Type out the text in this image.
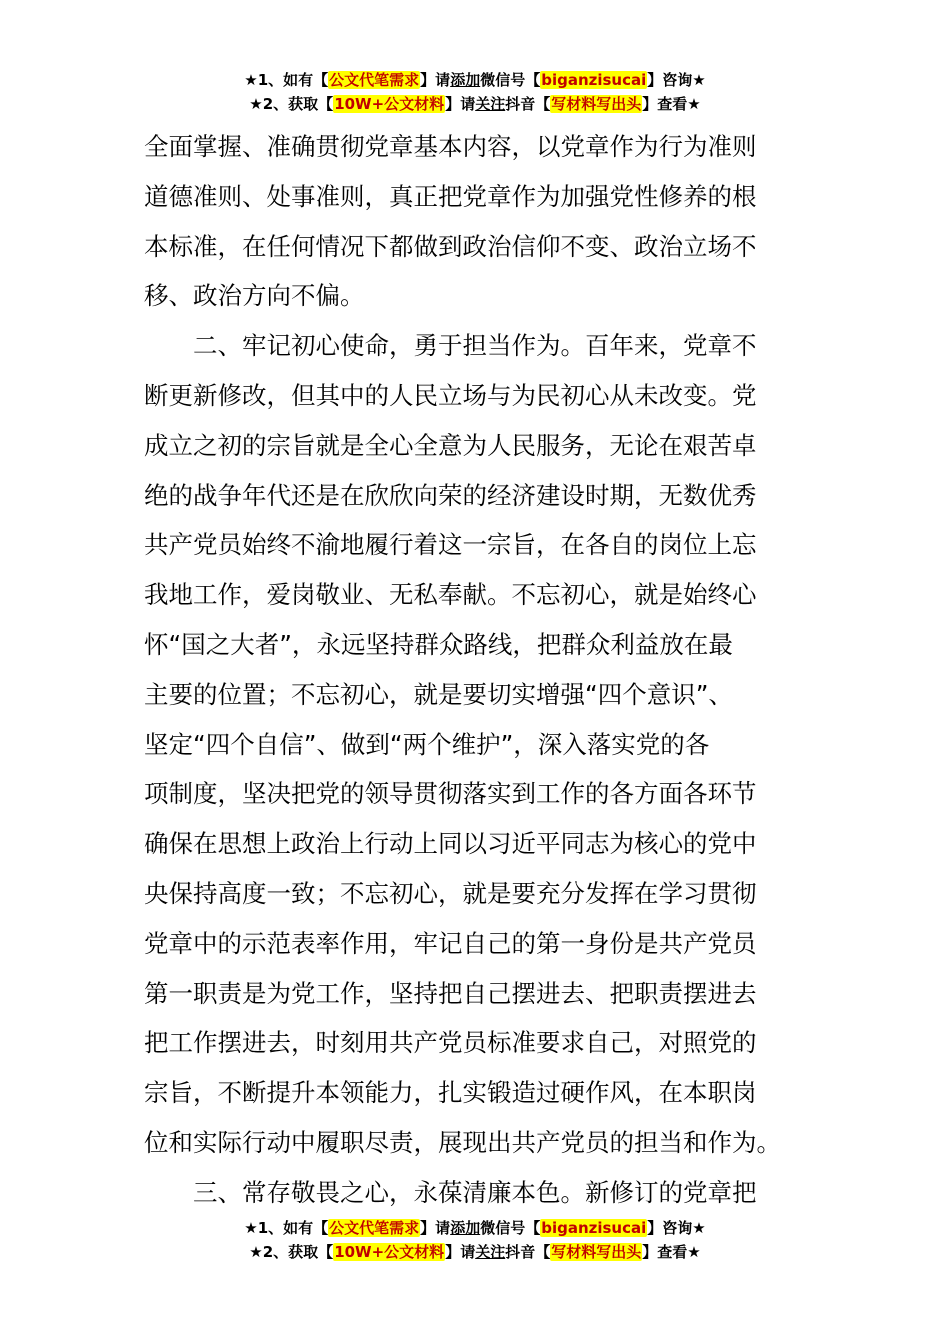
★1、如有【公文代笔需求】请添加微信号【biganzisucai】咨询★
★2、获取【10W+公文材料】请关注抖音【写材料写出头】查看★
全面掌握、准确贯彻党章基本内容，以党章作为行为准则
道德准则、处事准则，真正把党章作为加强党性修养的根
本标准，在任何情况下都做到政治信仰不变、政治立场不
移、政治方向不偏。
　　二、牢记初心使命，勇于担当作为。百年来，党章不
断更新修改，但其中的人民立场与为民初心从未改变。党
成立之初的宗旨就是全心全意为人民服务，无论在艰苦卓
绝的战争年代还是在欣欣向荣的经济建设时期，无数优秀
共产党员始终不渝地履行着这一宗旨，在各自的岗位上忘
我地工作，爱岗敬业、无私奉献。不忘初心，就是始终心
怀“国之大者”，永远坚持群众路线，把群众利益放在最
主要的位置；不忘初心，就是要切实增强“四个意识”、
坚定“四个自信”、做到“两个维护”，深入落实党的各
项制度，坚决把党的领导贯彻落实到工作的各方面各环节
确保在思想上政治上行动上同以习近平同志为核心的党中
央保持高度一致；不忘初心，就是要充分发挥在学习贯彻
党章中的示范表率作用，牢记自己的第一身份是共产党员
第一职责是为党工作，坚持把自己摆进去、把职责摆进去
把工作摆进去，时刻用共产党员标准要求自己，对照党的
宗旨，不断提升本领能力，扎实锻造过硬作风，在本职岗
位和实际行动中履职尽责，展现出共产党员的担当和作为。
　　三、常存敬畏之心，永葆清廉本色。新修订的党章把
★1、如有【公文代笔需求】请添加微信号【biganzisucai】咨询★
★2、获取【10W+公文材料】请关注抖音【写材料写出头】查看★
